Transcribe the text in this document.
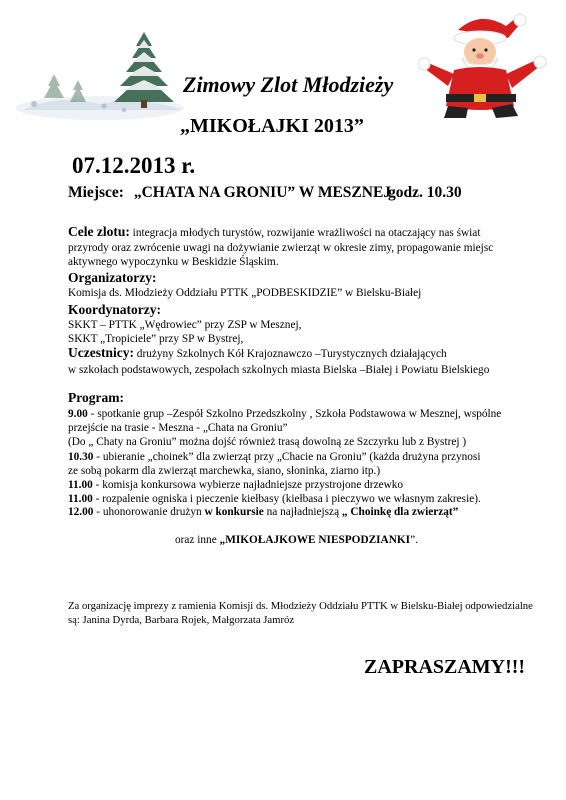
Zimowy Zlot Młodzieży
„MIKOŁAJKI 2013”
07.12.2013 r.
Miejsce: „CHATA NA GRONIU” W MESZNEJ
godz. 10.30
Cele zlotu: integracja młodych turystów, rozwijanie wrażliwości na otaczający nas świat
przyrody oraz zwrócenie uwagi na dożywianie zwierząt w okresie zimy, propagowanie miejsc
aktywnego wypoczynku w Beskidzie Śląskim.
Organizatorzy:
Komisja ds. Młodzieży Oddziału PTTK „PODBESKIDZIE” w Bielsku-Białej
Koordynatorzy:
SKKT – PTTK „Wędrowiec” przy ZSP w Mesznej,
SKKT „Tropiciele” przy SP w Bystrej,
Uczestnicy: drużyny Szkolnych Kół Krajoznawczo –Turystycznych działających
w szkołach podstawowych, zespołach szkolnych miasta Bielska –Białej i Powiatu Bielskiego
Program:
9.00 - spotkanie grup –Zespół Szkolno Przedszkolny , Szkoła Podstawowa w Mesznej, wspólne
przejście na trasie - Meszna - „Chata na Groniu”
(Do „ Chaty na Groniu” można dojść również trasą dowolną ze Szczyrku lub z Bystrej )
10.30 - ubieranie „choinek” dla zwierząt przy „Chacie na Groniu” (każda drużyna przynosi
ze sobą pokarm dla zwierząt marchewka, siano, słoninka, ziarno itp.)
11.00 - komisja konkursowa wybierze najładniejsze przystrojone drzewko
11.00 - rozpalenie ogniska i pieczenie kiełbasy (kiełbasa i pieczywo we własnym zakresie).
12.00 - uhonorowanie drużyn w konkursie na najładniejszą „ Choinkę dla zwierząt”
oraz inne „MIKOŁAJKOWE NIESPODZIANKI”.
Za organizację imprezy z ramienia Komisji ds. Młodzieży Oddziału PTTK w Bielsku-Białej odpowiedzialne
są: Janina Dyrda, Barbara Rojek, Małgorzata Jamróz
ZAPRASZAMY!!!
